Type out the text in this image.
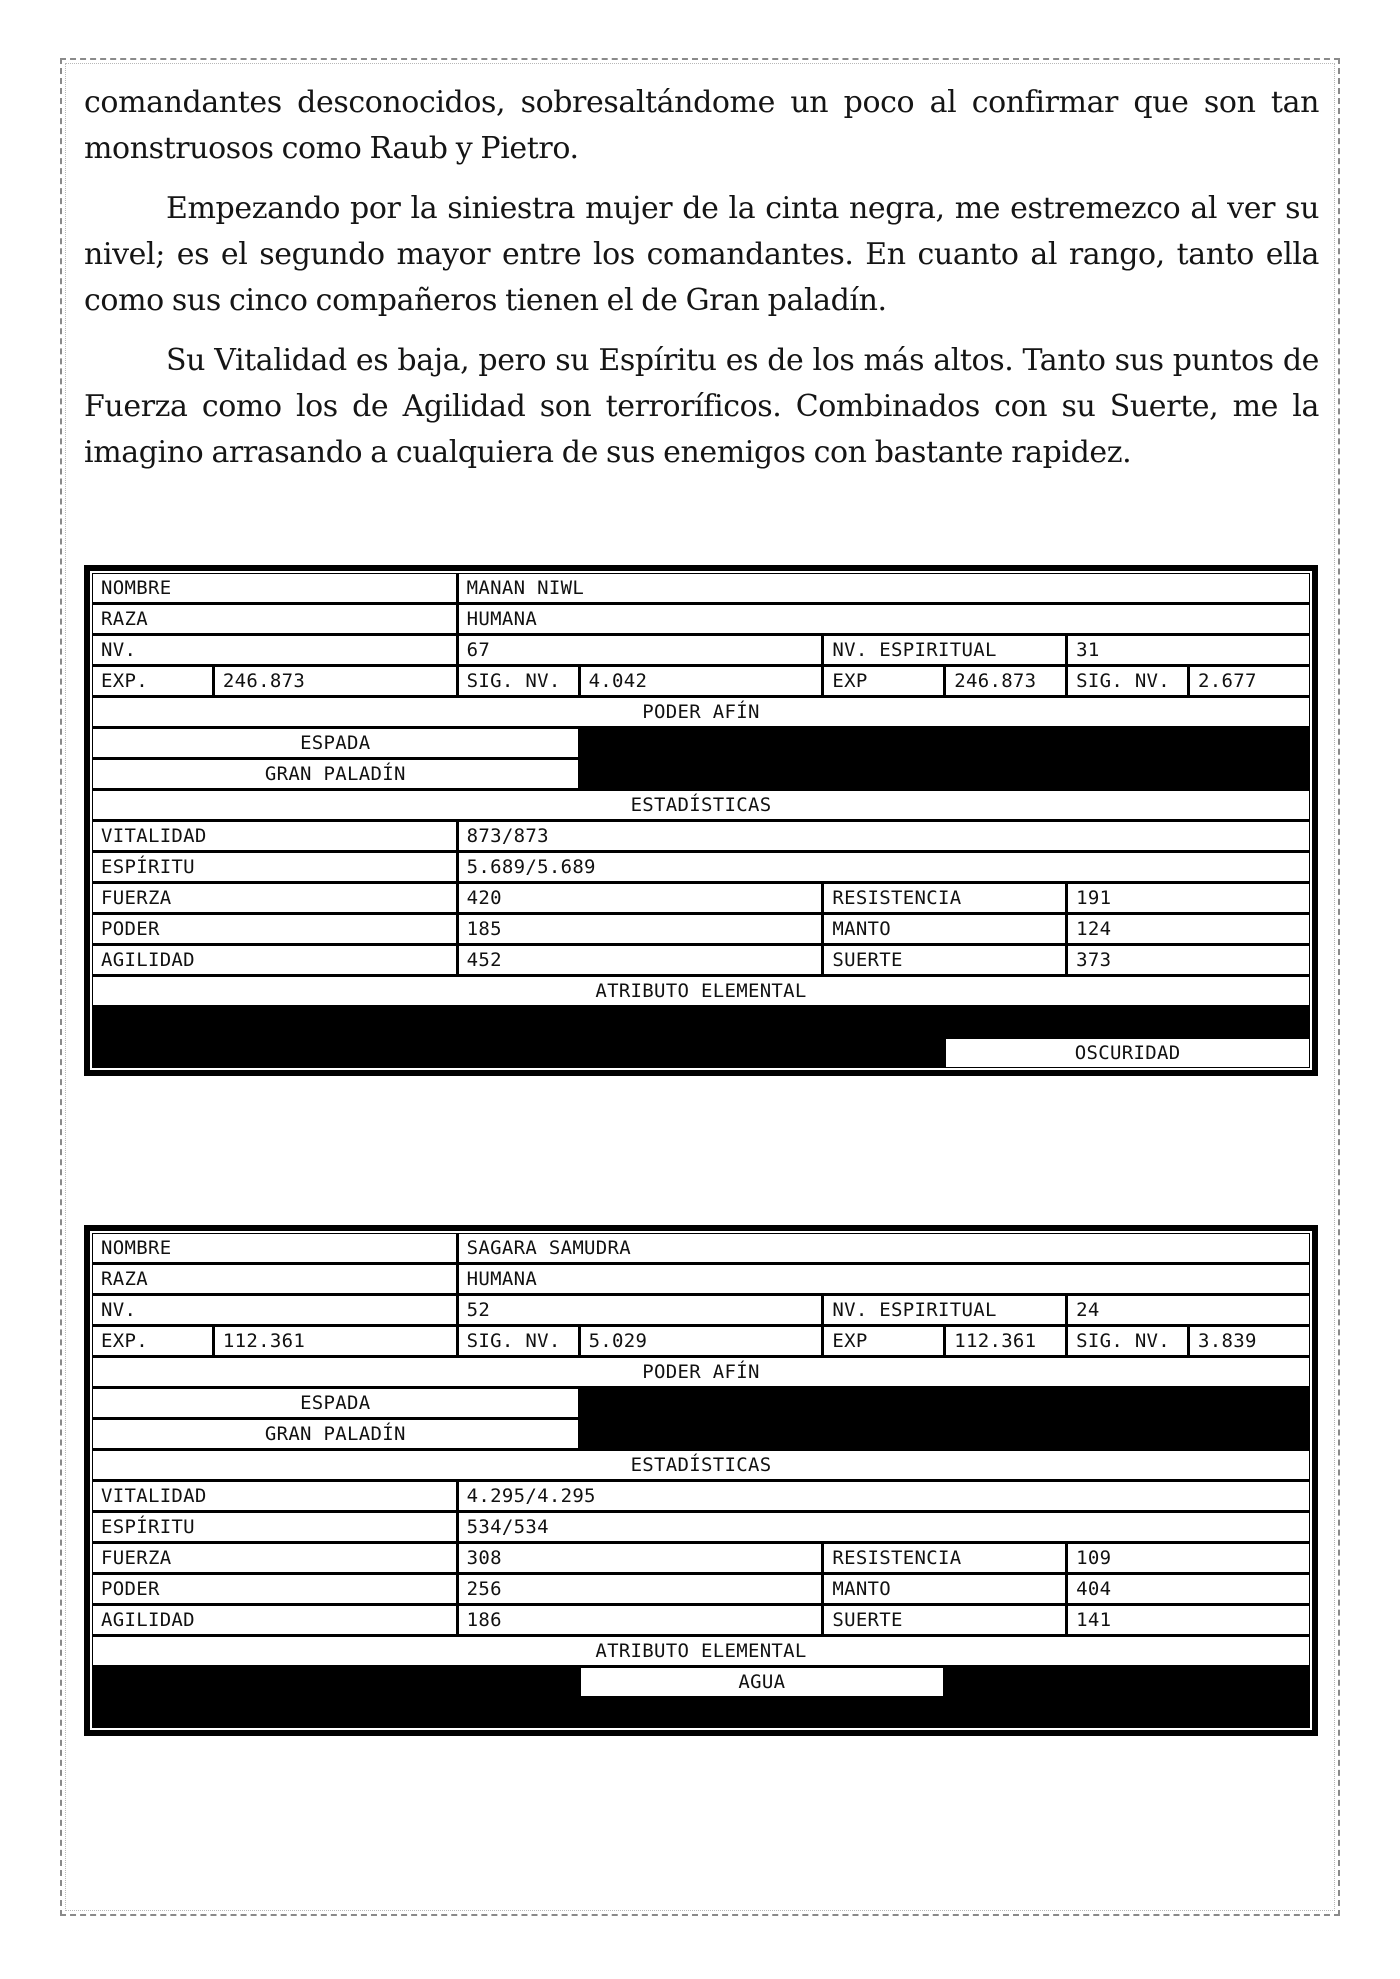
comandantes desconocidos, sobresaltándome un poco al confirmar que son tan monstruosos como Raub y Pietro.

Empezando por la siniestra mujer de la cinta negra, me estremezco al ver su nivel; es el segundo mayor entre los comandantes. En cuanto al rango, tanto ella como sus cinco compañeros tienen el de Gran paladín.

Su Vitalidad es baja, pero su Espíritu es de los más altos. Tanto sus puntos de Fuerza como los de Agilidad son terroríficos. Combinados con su Suerte, me la imagino arrasando a cualquiera de sus enemigos con bastante rapidez.

NOMBRE		MANAN NIWL					
RAZA		HUMANA					
NV.		67		NV. ESPIRITUAL		31	
EXP.	246.873	SIG. NV.	4.042	EXP	246.873	SIG. NV.	2.677
PODER AFÍN							
ESPADA							
GRAN PALADÍN							
ESTADÍSTICAS							
VITALIDAD		873/873					
ESPÍRITU		5.689/5.689					
FUERZA		420		RESISTENCIA		191	
PODER		185		MANTO		124	
AGILIDAD		452		SUERTE		373	
ATRIBUTO ELEMENTAL							

					OSCURIDAD		
NOMBRE		SAGARA SAMUDRA					
RAZA		HUMANA					
NV.		52		NV. ESPIRITUAL		24	
EXP.	112.361	SIG. NV.	5.029	EXP	112.361	SIG. NV.	3.839
PODER AFÍN							
ESPADA							
GRAN PALADÍN							
ESTADÍSTICAS							
VITALIDAD		4.295/4.295					
ESPÍRITU		534/534					
FUERZA		308		RESISTENCIA		109	
PODER		256		MANTO		404	
AGILIDAD		186		SUERTE		141	
ATRIBUTO ELEMENTAL							
			AGUA				
